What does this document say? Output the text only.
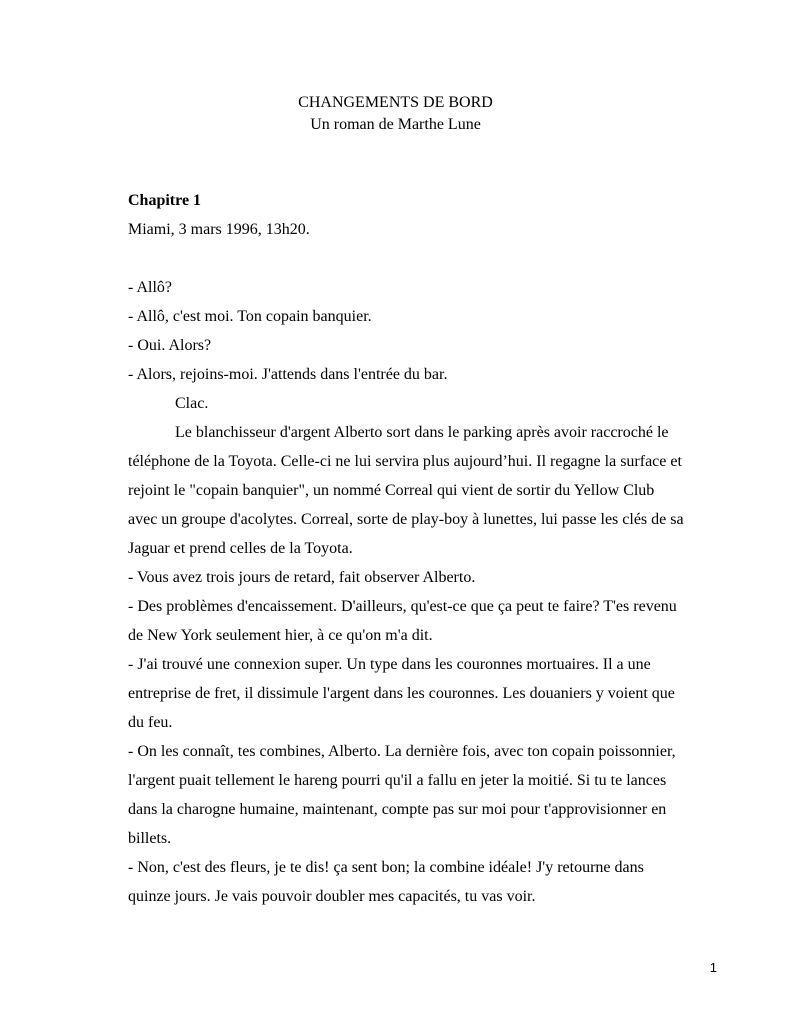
CHANGEMENTS DE BORD
Un roman de Marthe Lune

Chapitre 1

Miami, 3 mars 1996, 13h20.

- Allô?

- Allô, c'est moi. Ton copain banquier.

- Oui. Alors?

- Alors, rejoins-moi. J'attends dans l'entrée du bar.

Clac.

Le blanchisseur d'argent Alberto sort dans le parking après avoir raccroché le

téléphone de la Toyota. Celle-ci ne lui servira plus aujourd’hui. Il regagne la surface et

rejoint le "copain banquier", un nommé Correal qui vient de sortir du Yellow Club

avec un groupe d'acolytes. Correal, sorte de play-boy à lunettes, lui passe les clés de sa

Jaguar et prend celles de la Toyota.

- Vous avez trois jours de retard, fait observer Alberto.

- Des problèmes d'encaissement. D'ailleurs, qu'est-ce que ça peut te faire? T'es revenu

de New York seulement hier, à ce qu'on m'a dit.

- J'ai trouvé une connexion super. Un type dans les couronnes mortuaires. Il a une

entreprise de fret, il dissimule l'argent dans les couronnes. Les douaniers y voient que

du feu.

- On les connaît, tes combines, Alberto. La dernière fois, avec ton copain poissonnier,

l'argent puait tellement le hareng pourri qu'il a fallu en jeter la moitié. Si tu te lances

dans la charogne humaine, maintenant, compte pas sur moi pour t'approvisionner en

billets.

- Non, c'est des fleurs, je te dis! ça sent bon; la combine idéale! J'y retourne dans

quinze jours. Je vais pouvoir doubler mes capacités, tu vas voir.

1
